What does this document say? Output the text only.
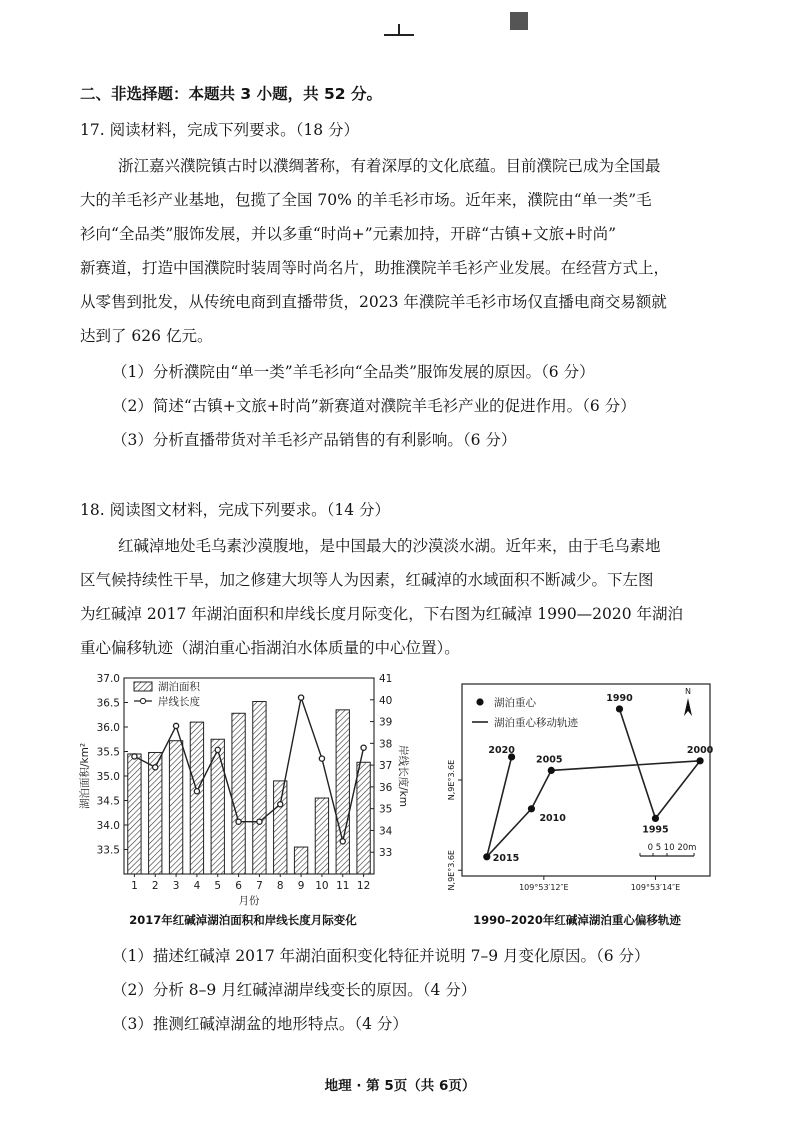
二、非选择题：本题共 3 小题，共 52 分。
17. 阅读材料，完成下列要求。（18 分）
浙江嘉兴濮院镇古时以濮绸著称，有着深厚的文化底蕴。目前濮院已成为全国最
大的羊毛衫产业基地，包揽了全国 70% 的羊毛衫市场。近年来，濮院由“单一类”毛
衫向“全品类”服饰发展，并以多重“时尚+”元素加持，开辟“古镇+文旅+时尚”
新赛道，打造中国濮院时装周等时尚名片，助推濮院羊毛衫产业发展。在经营方式上，
从零售到批发，从传统电商到直播带货，2023 年濮院羊毛衫市场仅直播电商交易额就
达到了 626 亿元。
（1）分析濮院由“单一类”羊毛衫向“全品类”服饰发展的原因。（6 分）
（2）简述“古镇+文旅+时尚”新赛道对濮院羊毛衫产业的促进作用。（6 分）
（3）分析直播带货对羊毛衫产品销售的有利影响。（6 分）
18. 阅读图文材料，完成下列要求。（14 分）
红碱淖地处毛乌素沙漠腹地，是中国最大的沙漠淡水湖。近年来，由于毛乌素地
区气候持续性干旱，加之修建大坝等人为因素，红碱淖的水域面积不断减少。下左图
为红碱淖 2017 年湖泊面积和岸线长度月际变化，下右图为红碱淖 1990—2020 年湖泊
重心偏移轨迹（湖泊重心指湖泊水体质量的中心位置）。
33.5
34.0
34.5
35.0
35.5
36.0
36.5
37.0
33
34
35
36
37
38
39
40
41
1 2 3 4 5 6 7 8 9 10 11 12
月份
湖泊面积/km²	岸线长度/km
湖泊面积
岸线长度
2017年红碱淖湖泊面积和岸线长度月际变化
1990
1995
2000
2005
2010
2015
2020
湖泊重心
湖泊重心移动轨迹
N
0 5 10 20m
109°53′12″E	109°53′14″E
N,9E°3.6E
N,9E°3.6E
1990–2020年红碱淖湖泊重心偏移轨迹
（1）描述红碱淖 2017 年湖泊面积变化特征并说明 7–9 月变化原因。（6 分）
（2）分析 8–9 月红碱淖湖岸线变长的原因。（4 分）
（3）推测红碱淖湖盆的地形特点。（4 分）
地理 · 第 5页（共 6页）
